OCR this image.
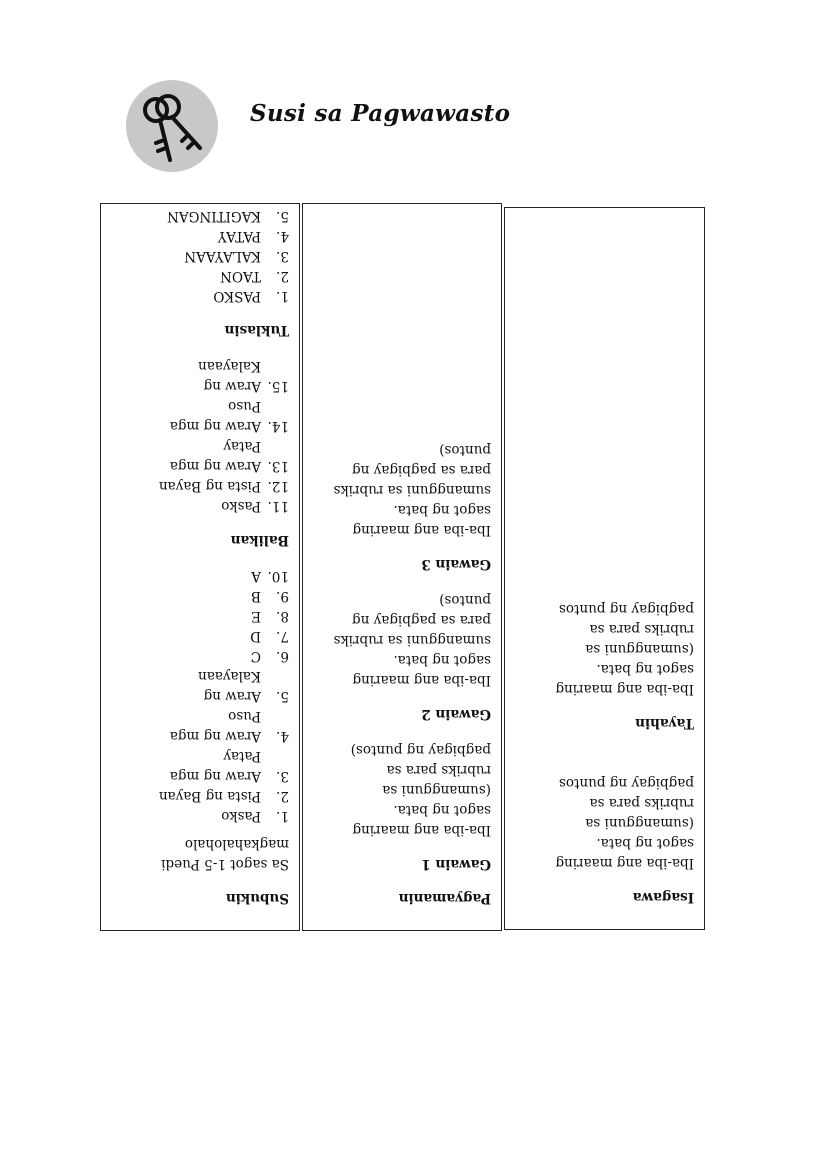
Susi sa Pagwawasto
Subukin
Sa sagot 1-5 Puedi
magkahalohalo
1.Pasko
2.Pista ng Bayan
3.Araw ng mga
Patay
4.Araw ng mga
Puso
5.Araw ng
Kalayaan
6.C
7.D
8.E
9.B
10.A
Balikan
11.Pasko
12.Pista ng Bayan
13.Araw ng mga
Patay
14.Araw ng mga
Puso
15.Araw ng
Kalayaan
Tuklasin
1.PASKO
2.TAON
3.KALAYAAN
4.PATAY
5.KAGITINGAN
Pagyamanin
Gawain 1
Iba-iba ang maaring
sagot ng bata.
(sumangguni sa
rubriks para sa
pagbigay ng puntos)
Gawain 2
Iba-iba ang maaring
sagot ng bata.
sumangguni sa rubriks
para sa pagbigay ng
puntos)
Gawain 3
Iba-iba ang maaring
sagot ng bata.
sumangguni sa rubriks
para sa pagbigay ng
puntos)
Isagawa
Iba-iba ang maaring
sagot ng bata.
(sumangguni sa
rubriks para sa
pagbigay ng puntos
Tayahin
Iba-iba ang maaring
sagot ng bata.
(sumangguni sa
rubriks para sa
pagbigay ng puntos
